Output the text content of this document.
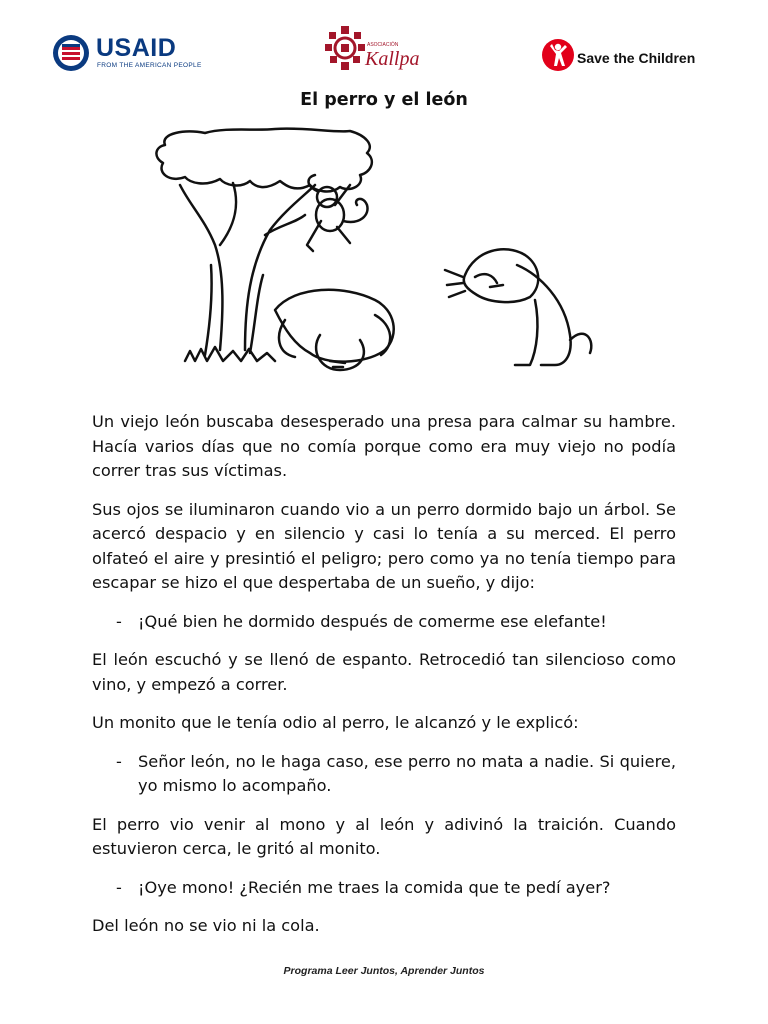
USAID
FROM THE AMERICAN PEOPLE
ASOCIACIÓN
Kallpa	Save the Children
El perro y el león

Un viejo león buscaba desesperado una presa para calmar su hambre. Hacía varios días que no comía porque como era muy viejo no podía correr tras sus víctimas.

Sus ojos se iluminaron cuando vio a un perro dormido bajo un árbol. Se acercó despacio y en silencio y casi lo tenía a su merced. El perro olfateó el aire y presintió el peligro; pero como ya no tenía tiempo para escapar se hizo el que despertaba de un sueño, y dijo:

- ¡Qué bien he dormido después de comerme ese elefante!

El león escuchó y se llenó de espanto. Retrocedió tan silencioso como vino, y empezó a correr.

Un monito que le tenía odio al perro, le alcanzó y le explicó:

- Señor león, no le haga caso, ese perro no mata a nadie. Si quiere, yo mismo lo acompaño.

El perro vio venir al mono y al león y adivinó la traición. Cuando estuvieron cerca, le gritó al monito.

- ¡Oye mono! ¿Recién me traes la comida que te pedí ayer?

Del león no se vio ni la cola.

Programa Leer Juntos, Aprender Juntos
